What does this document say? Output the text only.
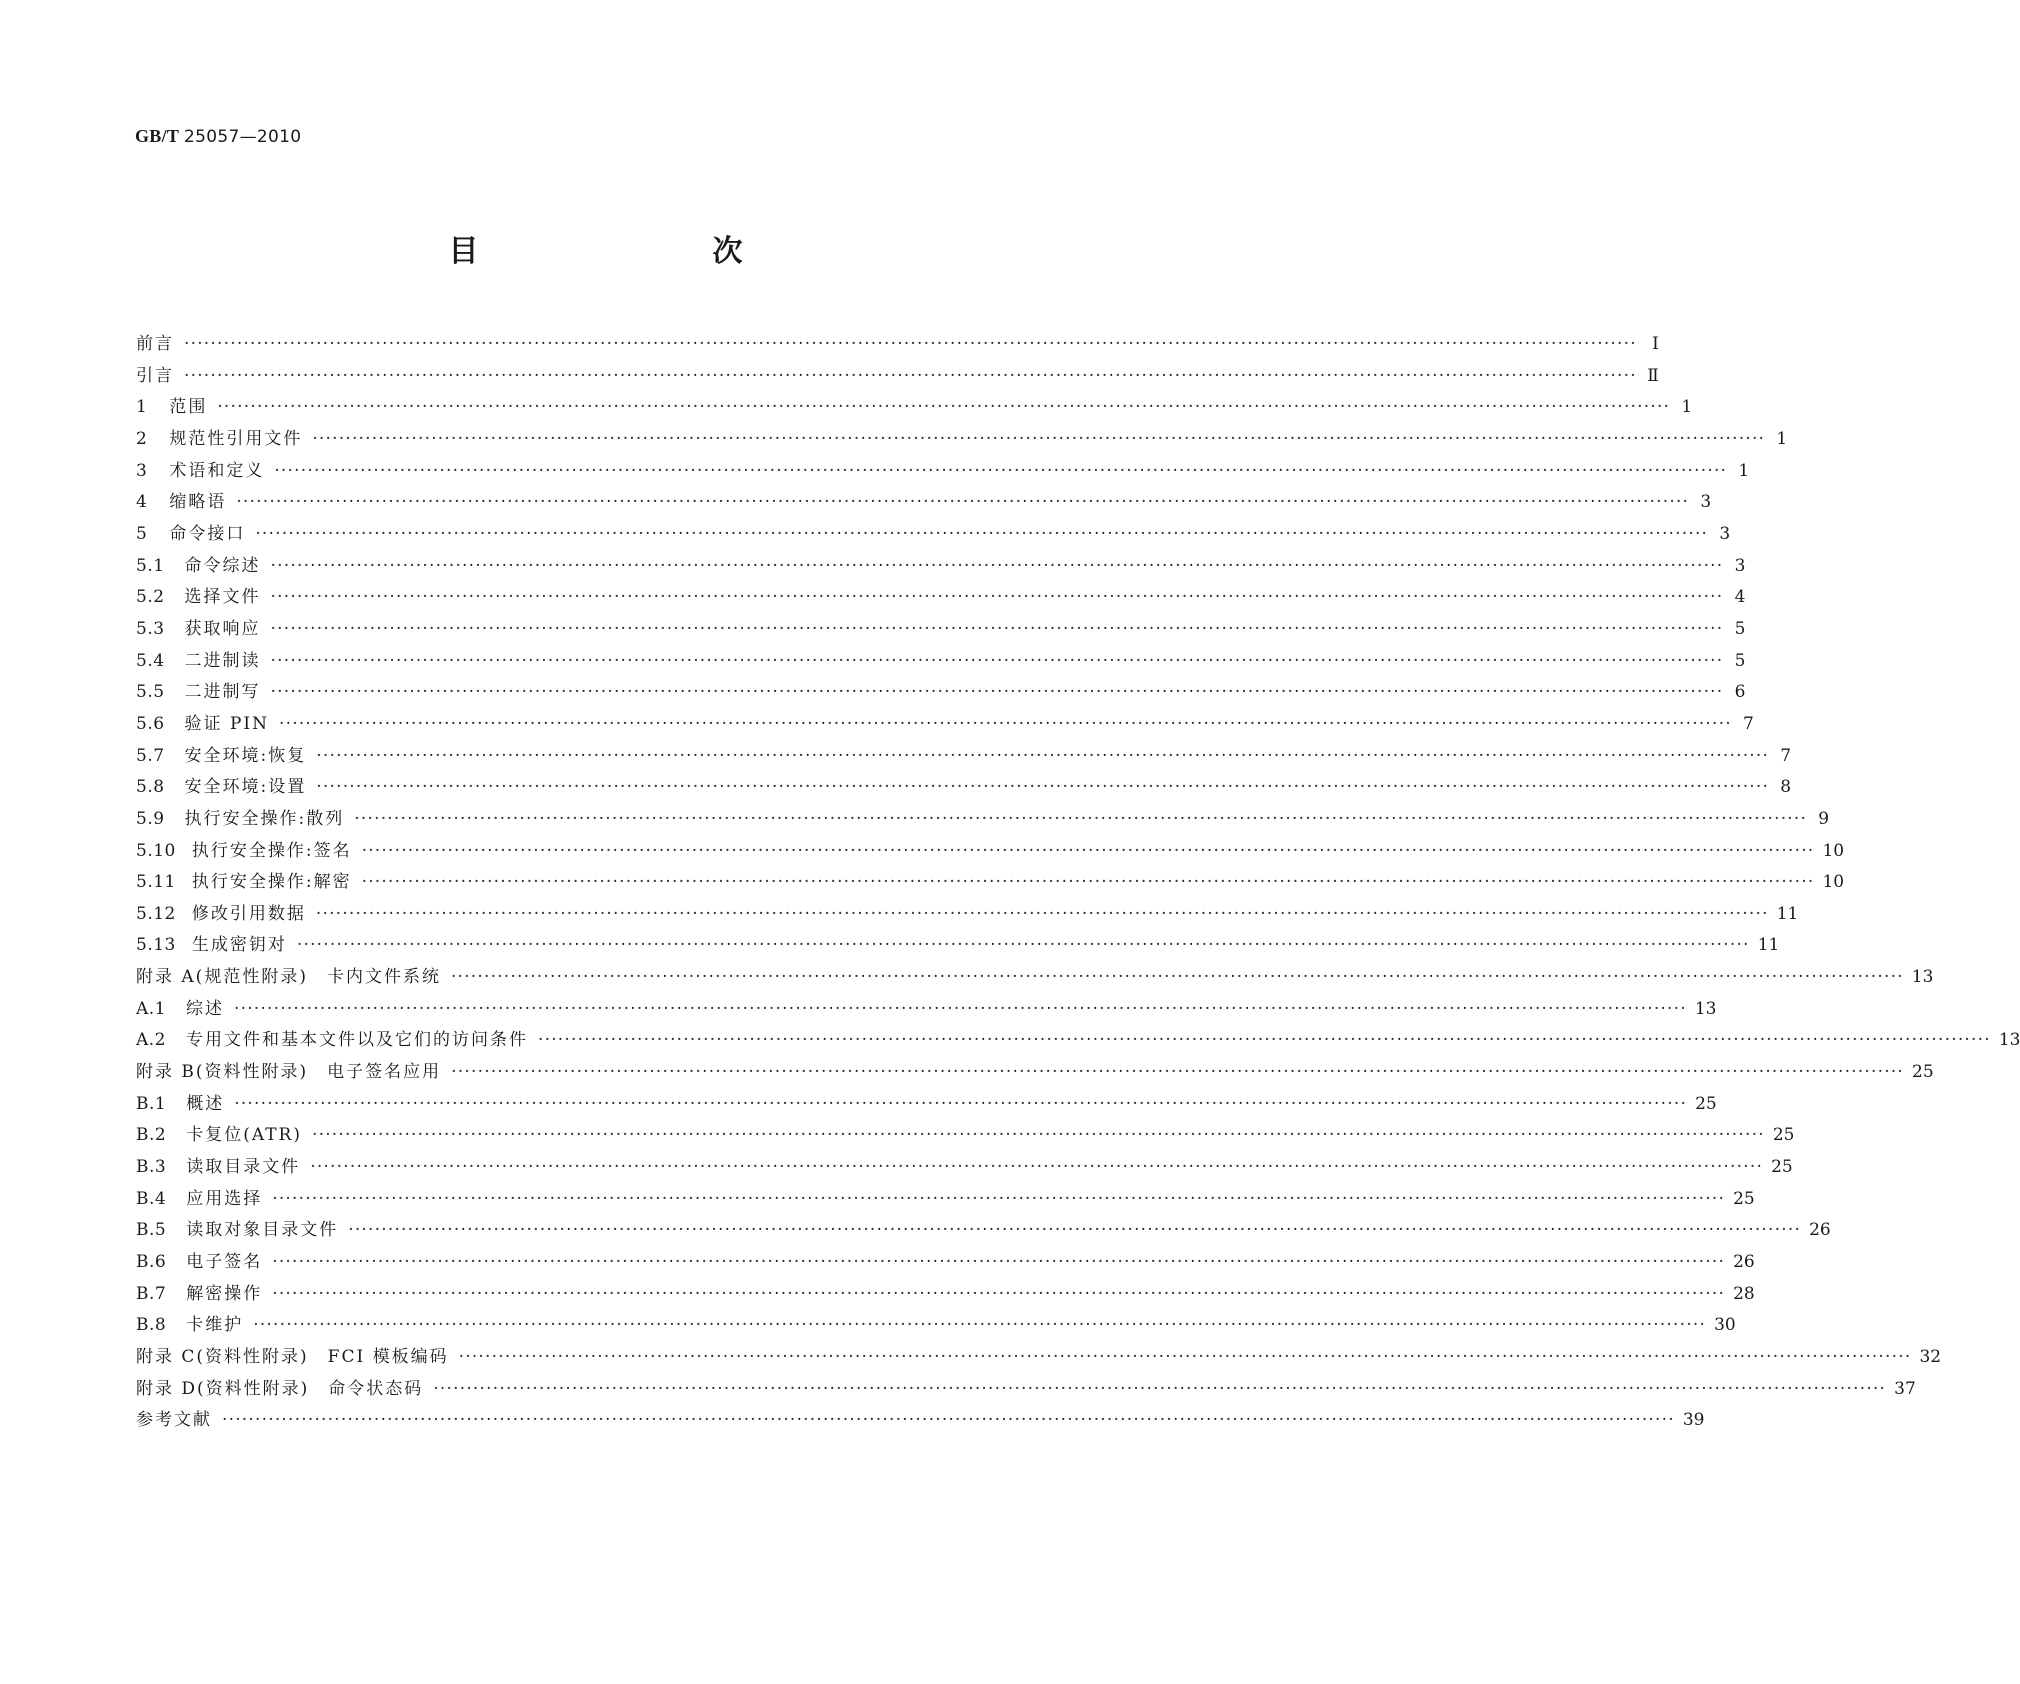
GB/T 25057—2010
目　　次
前言 ···························································································································································································································· Ⅰ
引言 ···························································································································································································································· Ⅱ
1 范围 ···························································································································································································································· 1
2 规范性引用文件 ···························································································································································································································· 1
3 术语和定义 ···························································································································································································································· 1
4 缩略语 ···························································································································································································································· 3
5 命令接口 ···························································································································································································································· 3
5.1 命令综述 ···························································································································································································································· 3
5.2 选择文件 ···························································································································································································································· 4
5.3 获取响应 ···························································································································································································································· 5
5.4 二进制读 ···························································································································································································································· 5
5.5 二进制写 ···························································································································································································································· 6
5.6 验证 PIN ···························································································································································································································· 7
5.7 安全环境:恢复 ···························································································································································································································· 7
5.8 安全环境:设置 ···························································································································································································································· 8
5.9 执行安全操作:散列 ···························································································································································································································· 9
5.10 执行安全操作:签名 ···························································································································································································································· 10
5.11 执行安全操作:解密 ···························································································································································································································· 10
5.12 修改引用数据 ···························································································································································································································· 11
5.13 生成密钥对 ···························································································································································································································· 11
附录 A(规范性附录)　卡内文件系统 ···························································································································································································································· 13
A.1 综述 ···························································································································································································································· 13
A.2 专用文件和基本文件以及它们的访问条件 ···························································································································································································································· 13
附录 B(资料性附录)　电子签名应用 ···························································································································································································································· 25
B.1 概述 ···························································································································································································································· 25
B.2 卡复位(ATR) ···························································································································································································································· 25
B.3 读取目录文件 ···························································································································································································································· 25
B.4 应用选择 ···························································································································································································································· 25
B.5 读取对象目录文件 ···························································································································································································································· 26
B.6 电子签名 ···························································································································································································································· 26
B.7 解密操作 ···························································································································································································································· 28
B.8 卡维护 ···························································································································································································································· 30
附录 C(资料性附录)　FCI 模板编码 ···························································································································································································································· 32
附录 D(资料性附录)　命令状态码 ···························································································································································································································· 37
参考文献 ···························································································································································································································· 39
